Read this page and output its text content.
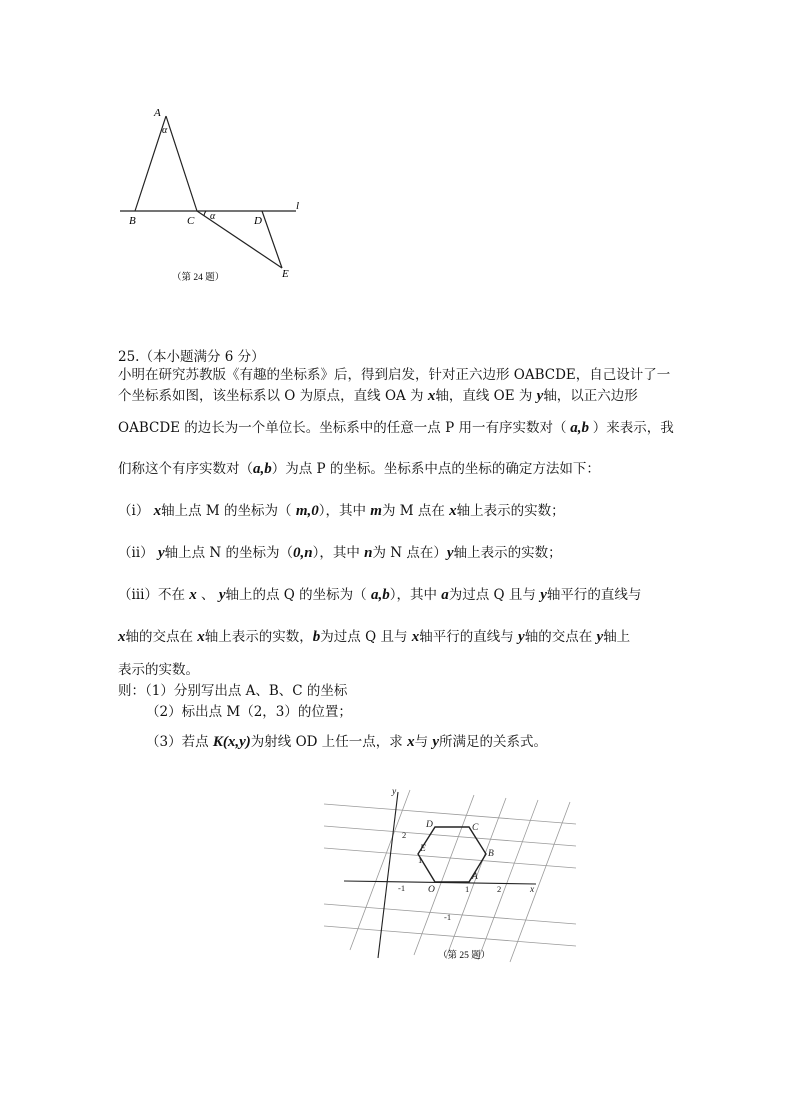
A
α
B	C α	D
l
E
（第 24 题）
25.（本小题满分 6 分）
小明在研究苏教版《有趣的坐标系》后，得到启发，针对正六边形 OABCDE，自己设计了一
个坐标系如图，该坐标系以 O 为原点，直线 OA 为 x轴，直线 OE 为 y轴，以正六边形
OABCDE 的边长为一个单位长。坐标系中的任意一点 P 用一有序实数对（ a,b ）来表示，我
们称这个有序实数对（a,b）为点 P 的坐标。坐标系中点的坐标的确定方法如下：
（ⅰ） x轴上点 M 的坐标为（ m,0），其中 m为 M 点在 x轴上表示的实数；
（ⅱ） y轴上点 N 的坐标为（0,n），其中 n为 N 点在）y轴上表示的实数；
（ⅲ）不在 x 、 y轴上的点 Q 的坐标为（ a,b），其中 a为过点 Q 且与 y轴平行的直线与
x轴的交点在 x轴上表示的实数，b为过点 Q 且与 x轴平行的直线与 y轴的交点在 y轴上
表示的实数。
则：（1）分别写出点 A、B、C 的坐标
（2）标出点 M（2，3）的位置；
（3）若点 K(x,y)为射线 OD 上任一点，求 x与 y所满足的关系式。
y
2
1
D	C
E	B
-1 O	1
A
2	x
-1
（第 25 题）
